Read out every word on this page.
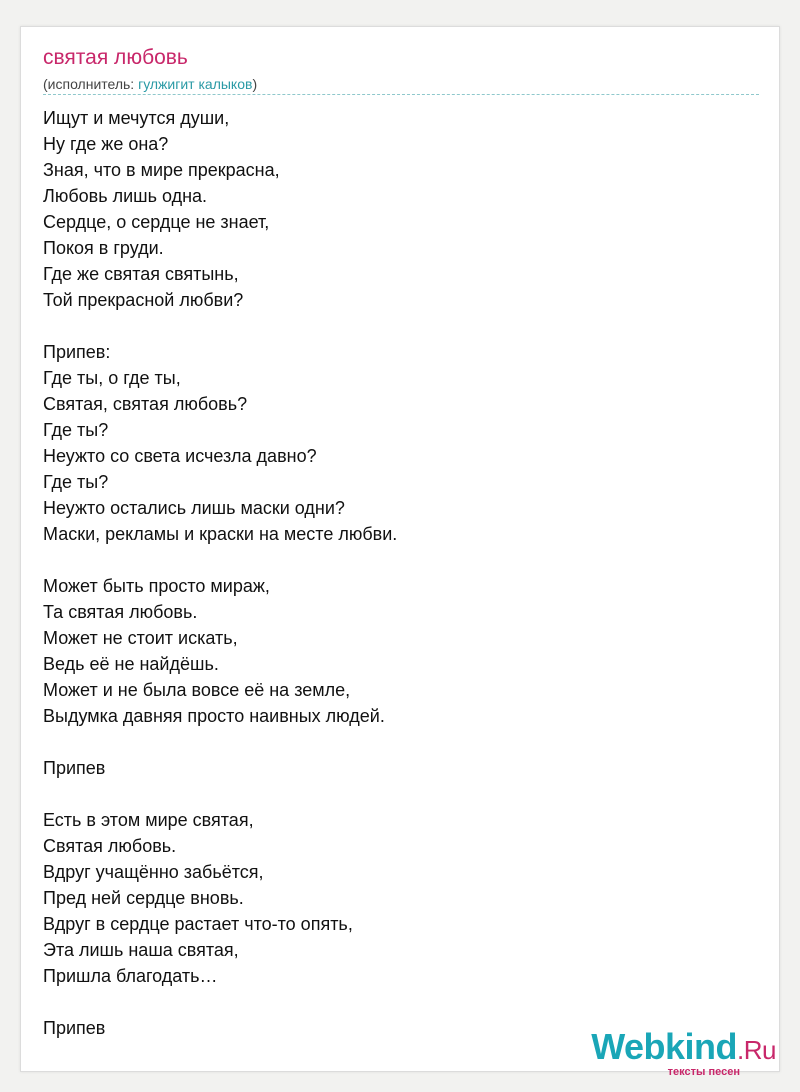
святая любовь
(исполнитель: гулжигит калыков)
Ищут и мечутся души,
Ну где же она?
Зная, что в мире прекрасна,
Любовь лишь одна.
Сердце, о сердце не знает,
Покоя в груди.
Где же святая святынь,
Той прекрасной любви?
Припев:
Где ты, о где ты,
Святая, святая любовь?
Где ты?
Неужто со света исчезла давно?
Где ты?
Неужто остались лишь маски одни?
Маски, рекламы и краски на месте любви.
Может быть просто мираж,
Та святая любовь.
Может не стоит искать,
Ведь её не найдёшь.
Может и не была вовсе её на земле,
Выдумка давняя просто наивных людей.
Припев
Есть в этом мире святая,
Святая любовь.
Вдруг учащённо забьётся,
Пред ней сердце вновь.
Вдруг в сердце растает что-то опять,
Эта лишь наша святая,
Пришла благодать…
Припев	Webkind.Ru
тексты песен
